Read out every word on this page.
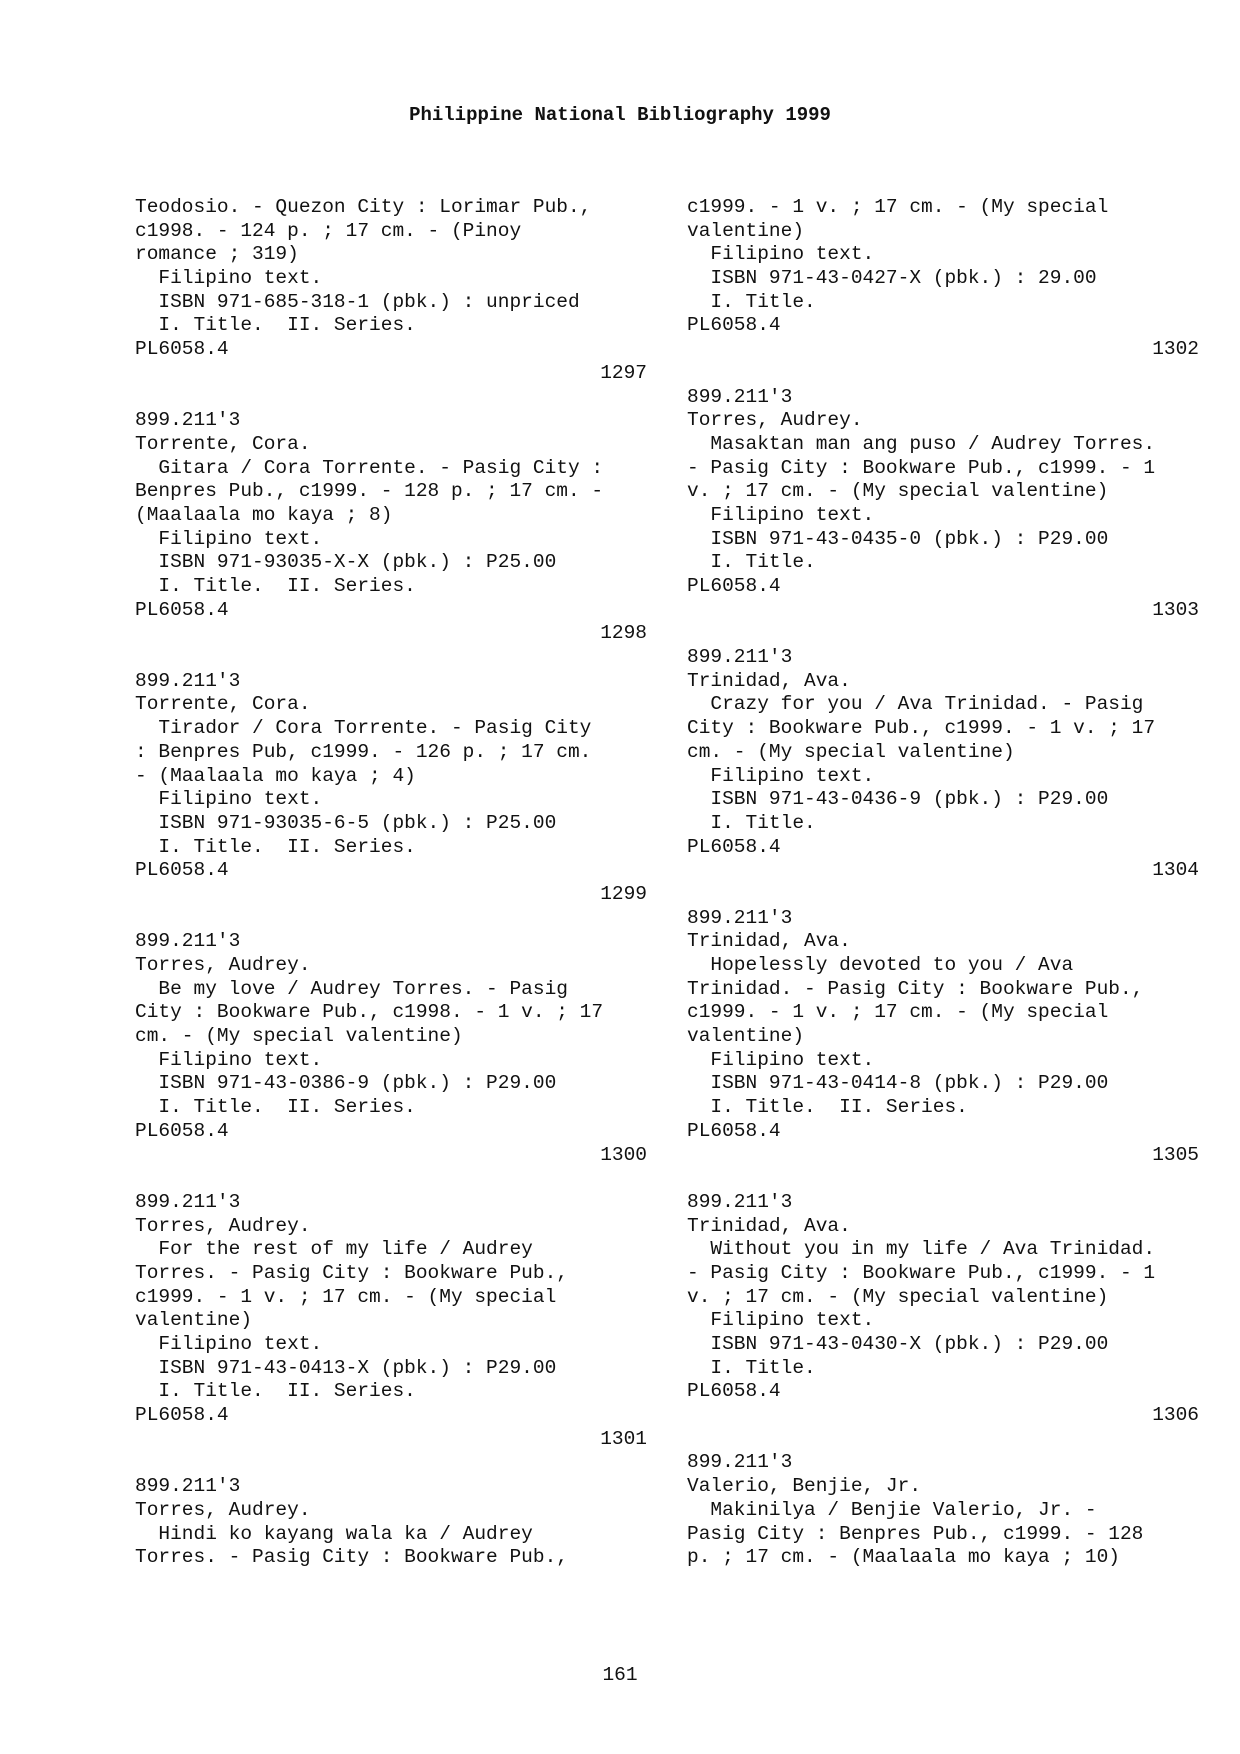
Philippine National Bibliography 1999
Teodosio. - Quezon City : Lorimar Pub.,
c1998. - 124 p. ; 17 cm. - (Pinoy
romance ; 319)
Filipino text.
ISBN 971-685-318-1 (pbk.) : unpriced
I. Title.  II. Series.
PL6058.4
1297
899.211'3
Torrente, Cora.
Gitara / Cora Torrente. - Pasig City :
Benpres Pub., c1999. - 128 p. ; 17 cm. -
(Maalaala mo kaya ; 8)
Filipino text.
ISBN 971-93035-X-X (pbk.) : P25.00
I. Title.  II. Series.
PL6058.4
1298
899.211'3
Torrente, Cora.
Tirador / Cora Torrente. - Pasig City
: Benpres Pub, c1999. - 126 p. ; 17 cm.
- (Maalaala mo kaya ; 4)
Filipino text.
ISBN 971-93035-6-5 (pbk.) : P25.00
I. Title.  II. Series.
PL6058.4
1299
899.211'3
Torres, Audrey.
Be my love / Audrey Torres. - Pasig
City : Bookware Pub., c1998. - 1 v. ; 17
cm. - (My special valentine)
Filipino text.
ISBN 971-43-0386-9 (pbk.) : P29.00
I. Title.  II. Series.
PL6058.4
1300
899.211'3
Torres, Audrey.
For the rest of my life / Audrey
Torres. - Pasig City : Bookware Pub.,
c1999. - 1 v. ; 17 cm. - (My special
valentine)
Filipino text.
ISBN 971-43-0413-X (pbk.) : P29.00
I. Title.  II. Series.
PL6058.4
1301
899.211'3
Torres, Audrey.
Hindi ko kayang wala ka / Audrey
Torres. - Pasig City : Bookware Pub.,
c1999. - 1 v. ; 17 cm. - (My special
valentine)
Filipino text.
ISBN 971-43-0427-X (pbk.) : 29.00
I. Title.
PL6058.4
1302
899.211'3
Torres, Audrey.
Masaktan man ang puso / Audrey Torres.
- Pasig City : Bookware Pub., c1999. - 1
v. ; 17 cm. - (My special valentine)
Filipino text.
ISBN 971-43-0435-0 (pbk.) : P29.00
I. Title.
PL6058.4
1303
899.211'3
Trinidad, Ava.
Crazy for you / Ava Trinidad. - Pasig
City : Bookware Pub., c1999. - 1 v. ; 17
cm. - (My special valentine)
Filipino text.
ISBN 971-43-0436-9 (pbk.) : P29.00
I. Title.
PL6058.4
1304
899.211'3
Trinidad, Ava.
Hopelessly devoted to you / Ava
Trinidad. - Pasig City : Bookware Pub.,
c1999. - 1 v. ; 17 cm. - (My special
valentine)
Filipino text.
ISBN 971-43-0414-8 (pbk.) : P29.00
I. Title.  II. Series.
PL6058.4
1305
899.211'3
Trinidad, Ava.
Without you in my life / Ava Trinidad.
- Pasig City : Bookware Pub., c1999. - 1
v. ; 17 cm. - (My special valentine)
Filipino text.
ISBN 971-43-0430-X (pbk.) : P29.00
I. Title.
PL6058.4
1306
899.211'3
Valerio, Benjie, Jr.
Makinilya / Benjie Valerio, Jr. -
Pasig City : Benpres Pub., c1999. - 128
p. ; 17 cm. - (Maalaala mo kaya ; 10)
161
